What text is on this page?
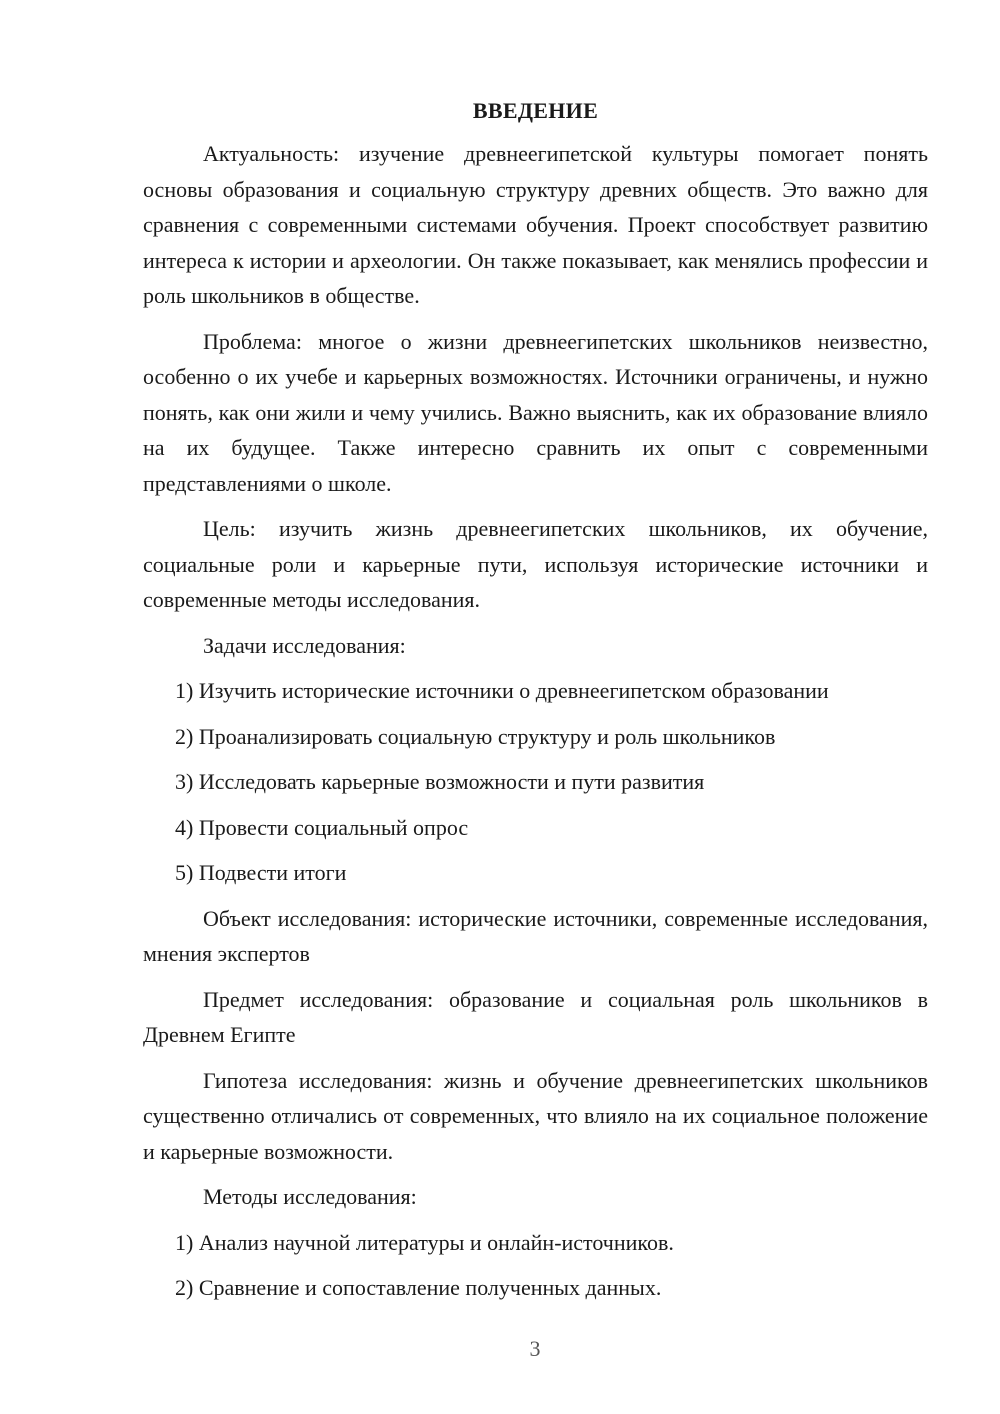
ВВЕДЕНИЕ

Актуальность: изучение древнеегипетской культуры помогает понять основы образования и социальную структуру древних обществ. Это важно для сравнения с современными системами обучения. Проект способствует развитию интереса к истории и археологии. Он также показывает, как менялись профессии и роль школьников в обществе.

Проблема: многое о жизни древнеегипетских школьников неизвестно, особенно о их учебе и карьерных возможностях. Источники ограничены, и нужно понять, как они жили и чему учились. Важно выяснить, как их образование влияло на их будущее. Также интересно сравнить их опыт с современными представлениями о школе.

Цель: изучить жизнь древнеегипетских школьников, их обучение, социальные роли и карьерные пути, используя исторические источники и современные методы исследования.

Задачи исследования:

1) Изучить исторические источники о древнеегипетском образовании
2) Проанализировать социальную структуру и роль школьников
3) Исследовать карьерные возможности и пути развития
4) Провести социальный опрос
5) Подвести итоги

Объект исследования: исторические источники, современные исследования, мнения экспертов

Предмет исследования: образование и социальная роль школьников в Древнем Египте

Гипотеза исследования: жизнь и обучение древнеегипетских школьников существенно отличались от современных, что влияло на их социальное положение и карьерные возможности.

Методы исследования:

1) Анализ научной литературы и онлайн-источников.
2) Сравнение и сопоставление полученных данных.
3
